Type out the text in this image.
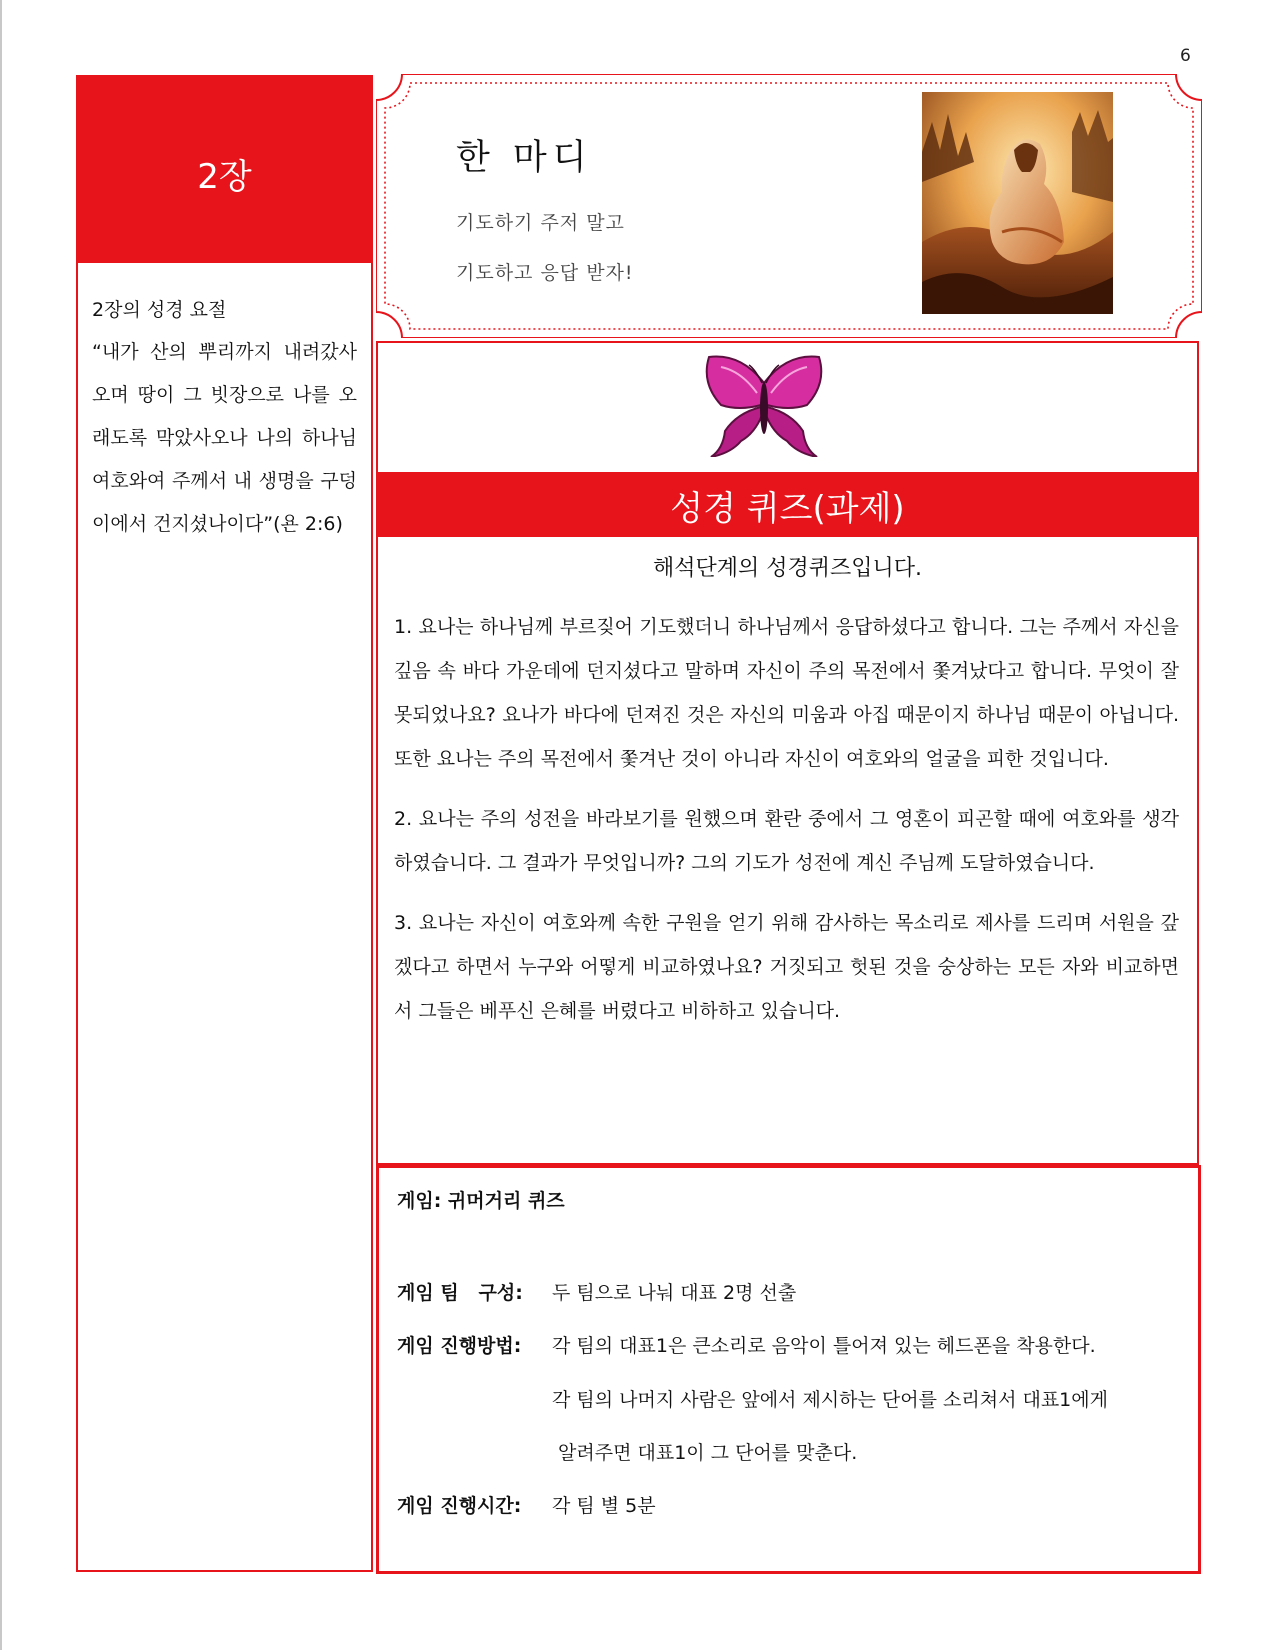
6
2장
2장의 성경 요절
“내가 산의 뿌리까지 내려갔사오며 땅이 그 빗장으로 나를 오래도록 막았사오나 나의 하나님 여호와여 주께서 내 생명을 구덩이에서 건지셨나이다”(욘 2:6)
한 마디
기도하기 주저 말고
기도하고 응답 받자!
성경 퀴즈(과제)
해석단계의 성경퀴즈입니다.

1. 요나는 하나님께 부르짖어 기도했더니 하나님께서 응답하셨다고 합니다. 그는 주께서 자신을 깊음 속 바다 가운데에 던지셨다고 말하며 자신이 주의 목전에서 쫓겨났다고 합니다. 무엇이 잘못되었나요? 요나가 바다에 던져진 것은 자신의 미움과 아집 때문이지 하나님 때문이 아닙니다. 또한 요나는 주의 목전에서 쫓겨난 것이 아니라 자신이 여호와의 얼굴을 피한 것입니다.

2. 요나는 주의 성전을 바라보기를 원했으며 환란 중에서 그 영혼이 피곤할 때에 여호와를 생각하였습니다. 그 결과가 무엇입니까? 그의 기도가 성전에 계신 주님께 도달하였습니다.

3. 요나는 자신이 여호와께 속한 구원을 얻기 위해 감사하는 목소리로 제사를 드리며 서원을 갚겠다고 하면서 누구와 어떻게 비교하였나요? 거짓되고 헛된 것을 숭상하는 모든 자와 비교하면서 그들은 베푸신 은혜를 버렸다고 비하하고 있습니다.

게임: 귀머거리 퀴즈
게임 팀   구성: 두 팀으로 나눠 대표 2명 선출
게임 진행방법: 각 팀의 대표1은 큰소리로 음악이 틀어져 있는 헤드폰을 착용한다.
각 팀의 나머지 사람은 앞에서 제시하는 단어를 소리쳐서 대표1에게
알려주면 대표1이 그 단어를 맞춘다.
게임 진행시간: 각 팀 별 5분
